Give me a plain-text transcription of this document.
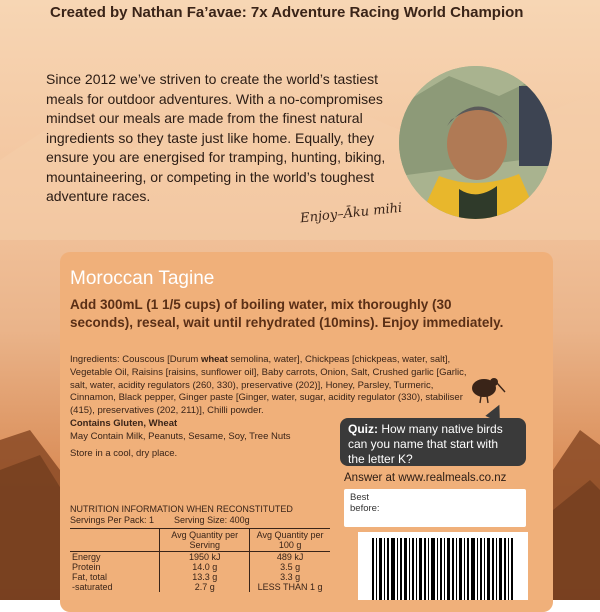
Created by Nathan Fa’avae: 7x Adventure Racing World Champion
Since 2012 we’ve striven to create the world’s tastiest meals for outdoor adventures. With a no-compromises mindset our meals are made from the finest natural ingredients so they taste just like home. Equally, they ensure you are energised for tramping, hunting, biking, mountaineering, or competing in the world’s toughest adventure races.
Enjoy–Āku mihi
Moroccan Tagine
Add 300mL (1 1/5 cups) of boiling water, mix thoroughly (30 seconds), reseal, wait until rehydrated (10mins). Enjoy immediately.
Ingredients: Couscous [Durum wheat semolina, water], Chickpeas [chickpeas, water, salt], Vegetable Oil, Raisins [raisins, sunflower oil], Baby carrots, Onion, Salt, Crushed garlic [Garlic, salt, water, acidity regulators (260, 330), preservative (202)], Honey, Parsley, Turmeric, Cinnamon, Black pepper, Ginger paste [Ginger, water, sugar, acidity regulator (330), stabiliser (415), preservatives (202, 211)], Chilli powder.
Contains Gluten, Wheat
May Contain Milk, Peanuts, Sesame, Soy, Tree Nuts
Store in a cool, dry place.
Quiz: How many native birds can you name that start with the letter K?
Answer at www.realmeals.co.nz
Best
before:
NUTRITION INFORMATION WHEN RECONSTITUTED
Servings Per Pack: 1 Serving Size: 400g
	Avg Quantity per Serving	Avg Quantity per 100 g
Energy	1950 kJ	489 kJ
Protein	14.0 g	3.5 g
Fat, total	13.3 g	3.3 g
-saturated	2.7 g	LESS THAN 1 g
